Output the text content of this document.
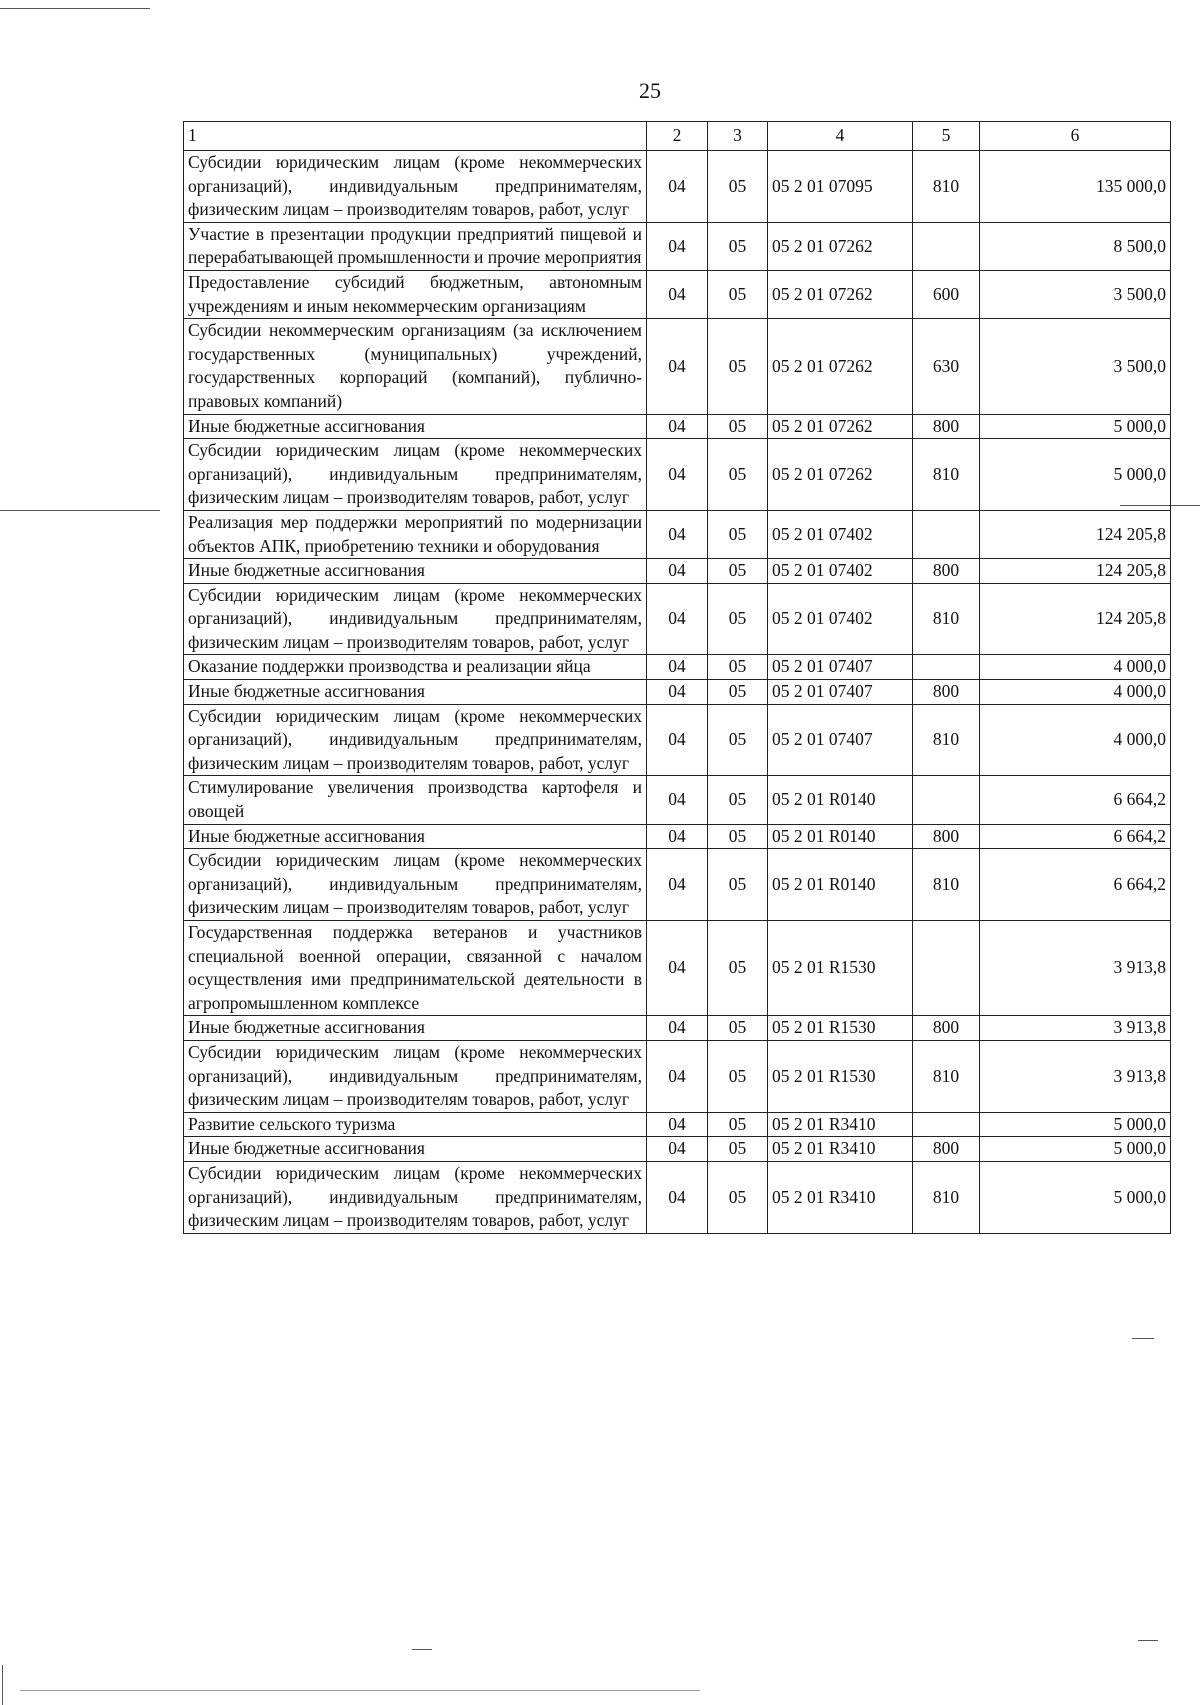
25
1	2	3	4	5	6
Субсидии юридическим лицам (кроме некоммерческих организаций), индивидуальным предпринимателям, физическим лицам – производителям товаров, работ, услуг	04	05	05 2 01 07095	810	135 000,0
Участие в презентации продукции предприятий пищевой и перерабатывающей промышленности и прочие мероприятия	04	05	05 2 01 07262		8 500,0
Предоставление субсидий бюджетным, автономным учреждениям и иным некоммерческим организациям	04	05	05 2 01 07262	600	3 500,0
Субсидии некоммерческим организациям (за исключением государственных (муниципальных) учреждений, государственных корпораций (компаний), публично-правовых компаний)	04	05	05 2 01 07262	630	3 500,0
Иные бюджетные ассигнования	04	05	05 2 01 07262	800	5 000,0
Субсидии юридическим лицам (кроме некоммерческих организаций), индивидуальным предпринимателям, физическим лицам – производителям товаров, работ, услуг	04	05	05 2 01 07262	810	5 000,0
Реализация мер поддержки мероприятий по модернизации объектов АПК, приобретению техники и оборудования	04	05	05 2 01 07402		124 205,8
Иные бюджетные ассигнования	04	05	05 2 01 07402	800	124 205,8
Субсидии юридическим лицам (кроме некоммерческих организаций), индивидуальным предпринимателям, физическим лицам – производителям товаров, работ, услуг	04	05	05 2 01 07402	810	124 205,8
Оказание поддержки производства и реализации яйца	04	05	05 2 01 07407		4 000,0
Иные бюджетные ассигнования	04	05	05 2 01 07407	800	4 000,0
Субсидии юридическим лицам (кроме некоммерческих организаций), индивидуальным предпринимателям, физическим лицам – производителям товаров, работ, услуг	04	05	05 2 01 07407	810	4 000,0
Стимулирование увеличения производства картофеля и овощей	04	05	05 2 01 R0140		6 664,2
Иные бюджетные ассигнования	04	05	05 2 01 R0140	800	6 664,2
Субсидии юридическим лицам (кроме некоммерческих организаций), индивидуальным предпринимателям, физическим лицам – производителям товаров, работ, услуг	04	05	05 2 01 R0140	810	6 664,2
Государственная поддержка ветеранов и участников специальной военной операции, связанной с началом осуществления ими предпринимательской деятельности в агропромышленном комплексе	04	05	05 2 01 R1530		3 913,8
Иные бюджетные ассигнования	04	05	05 2 01 R1530	800	3 913,8
Субсидии юридическим лицам (кроме некоммерческих организаций), индивидуальным предпринимателям, физическим лицам – производителям товаров, работ, услуг	04	05	05 2 01 R1530	810	3 913,8
Развитие сельского туризма	04	05	05 2 01 R3410		5 000,0
Иные бюджетные ассигнования	04	05	05 2 01 R3410	800	5 000,0
Субсидии юридическим лицам (кроме некоммерческих организаций), индивидуальным предпринимателям, физическим лицам – производителям товаров, работ, услуг	04	05	05 2 01 R3410	810	5 000,0
